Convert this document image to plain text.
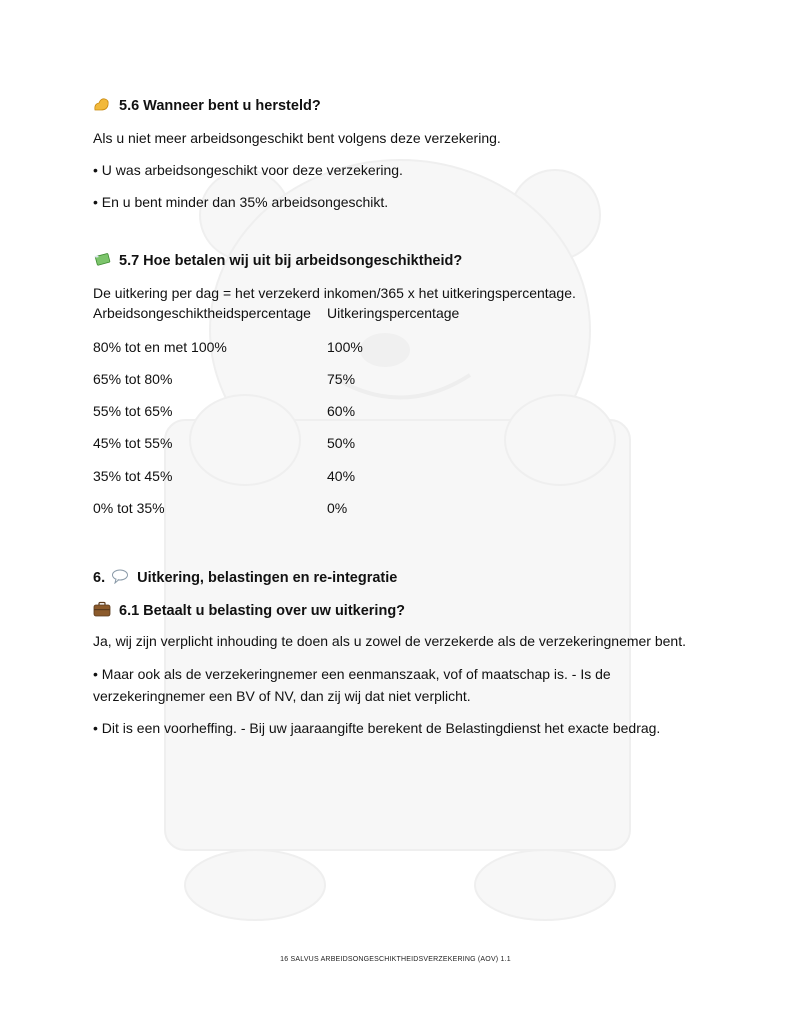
5.6 Wanneer bent u hersteld?
Als u niet meer arbeidsongeschikt bent volgens deze verzekering.
• U was arbeidsongeschikt voor deze verzekering.
• En u bent minder dan 35% arbeidsongeschikt.
5.7 Hoe betalen wij uit bij arbeidsongeschiktheid?
De uitkering per dag = het verzekerd inkomen/365 x het uitkeringspercentage.
Arbeidsongeschiktheidspercentage Uitkeringspercentage
80% tot en met 100%	100%
65% tot 80%	75%
55% tot 65%	60%
45% tot 55%	50%
35% tot 45%	40%
0% tot 35%	0%
6. Uitkering, belastingen en re-integratie
6.1 Betaalt u belasting over uw uitkering?
Ja, wij zijn verplicht inhouding te doen als u zowel de verzekerde als de verzekeringnemer bent.
• Maar ook als de verzekeringnemer een eenmanszaak, vof of maatschap is. - Is de
verzekeringnemer een BV of NV, dan zij wij dat niet verplicht.
• Dit is een voorheffing. - Bij uw jaaraangifte berekent de Belastingdienst het exacte bedrag.
16 SALVUS ARBEIDSONGESCHIKTHEIDSVERZEKERING (AOV) 1.1
